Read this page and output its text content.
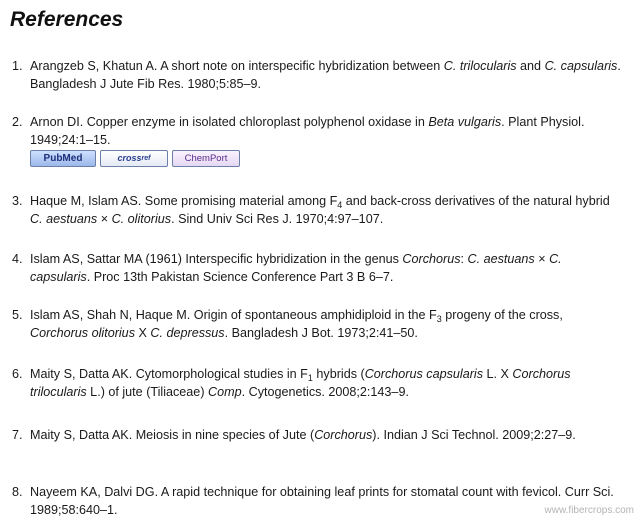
References
1. Arangzeb S, Khatun A. A short note on interspecific hybridization between C. trilocularis and C. capsularis. Bangladesh J Jute Fib Res. 1980;5:85–9.
2. Arnon DI. Copper enzyme in isolated chloroplast polyphenol oxidase in Beta vulgaris. Plant Physiol. 1949;24:1–15.
PubMed	cross ref	ChemPort
3. Haque M, Islam AS. Some promising material among $F_4$ and back-cross derivatives of the natural hybrid C. aestuans × C. olitorius. Sind Univ Sci Res J. 1970;4:97–107.
4. Islam AS, Sattar MA (1961) Interspecific hybridization in the genus Corchorus: C. aestuans × C. capsularis. Proc 13th Pakistan Science Conference Part 3 B 6–7.
5. Islam AS, Shah N, Haque M. Origin of spontaneous amphidiploid in the $F_3$ progeny of the cross, Corchorus olitorius X C. depressus. Bangladesh J Bot. 1973;2:41–50.
6. Maity S, Datta AK. Cytomorphological studies in $F_1$ hybrids (Corchorus capsularis L. X Corchorus trilocularis L.) of jute (Tiliaceae) Comp. Cytogenetics. 2008;2:143–9.
7. Maity S, Datta AK. Meiosis in nine species of Jute (Corchorus). Indian J Sci Technol. 2009;2:27–9.
8. Nayeem KA, Dalvi DG. A rapid technique for obtaining leaf prints for stomatal count with fevicol. Curr Sci. 1989;58:640–1.	www.fibercrops.com
